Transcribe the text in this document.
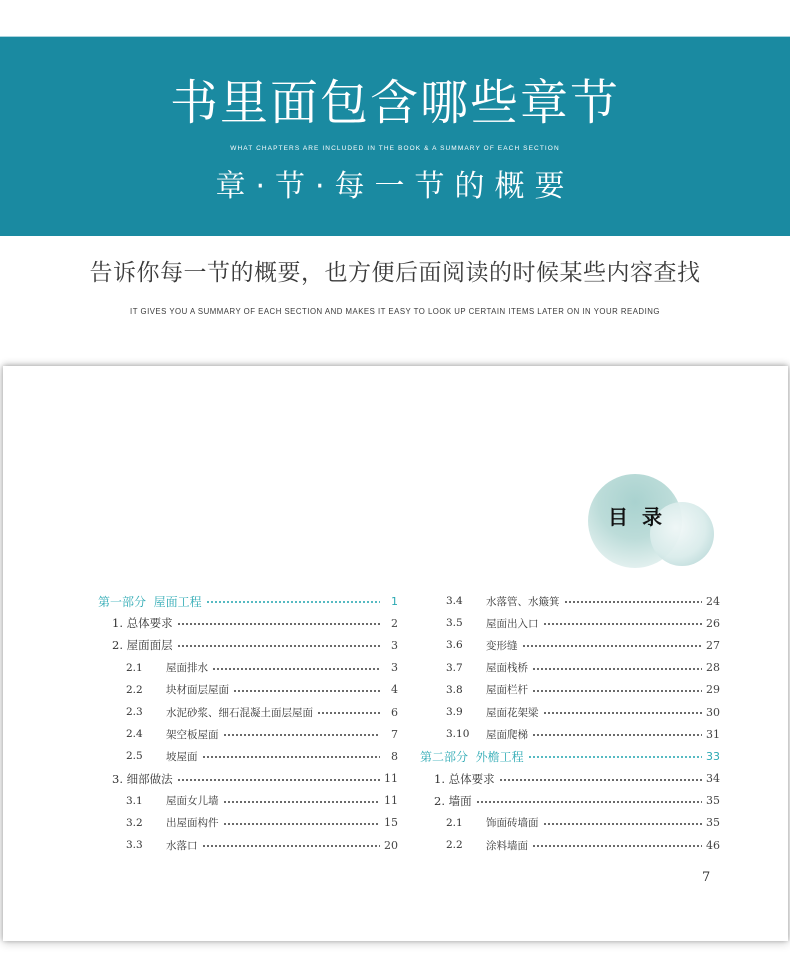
书里面包含哪些章节
WHAT CHAPTERS ARE INCLUDED IN THE BOOK & A SUMMARY OF EACH SECTION
章·节·每一节的概要
告诉你每一节的概要，也方便后面阅读的时候某些内容查找
IT GIVES YOU A SUMMARY OF EACH SECTION AND MAKES IT EASY TO LOOK UP CERTAIN ITEMS LATER ON IN YOUR READING
目录
第一部分 屋面工程	1
1. 总体要求	2
2. 屋面面层	3
2.1	屋面排水	3
2.2	块材面层屋面	4
2.3	水泥砂浆、细石混凝土面层屋面	6
2.4	架空板屋面	7
2.5	坡屋面	8
3. 细部做法	11
3.1	屋面女儿墙	11
3.2	出屋面构件	15
3.3	水落口	20
3.4	水落管、水簸箕	24
3.5	屋面出入口	26
3.6	变形缝	27
3.7	屋面栈桥	28
3.8	屋面栏杆	29
3.9	屋面花架梁	30
3.10	屋面爬梯	31
第二部分 外檐工程	33
1. 总体要求	34
2. 墙面	35
2.1	饰面砖墙面	35
2.2	涂料墙面	46
7
